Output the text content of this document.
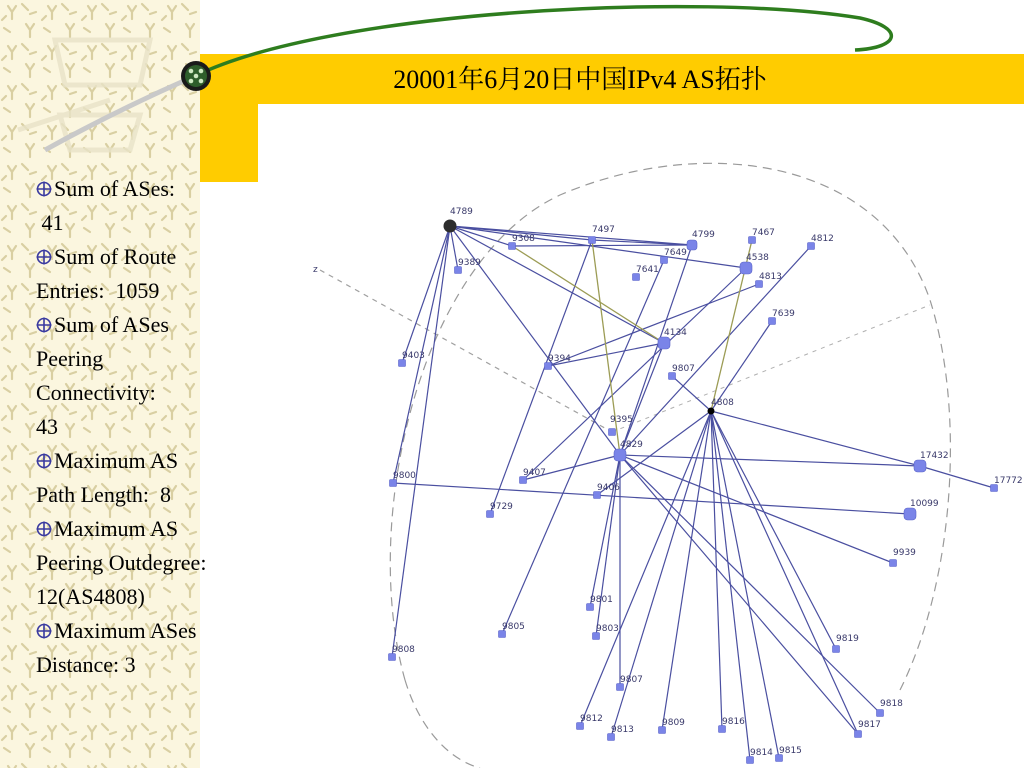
20001年6月20日中国IPv4 AS拓扑
Sum of ASes:
41
Sum of Route
Entries:  1059
Sum of ASes
Peering
Connectivity:
43
Maximum AS
Path Length:  8
Maximum AS
Peering Outdegree:
12(AS4808)
Maximum ASes
Distance: 3
z
4789
9308
7497	4799	7467
4812
9389
7649
7641
4538
4813
7639
4134
9394
9807
9403
4808
9395
4829
17432
17772
9800	9407
9406
9729	10099
9939
9801
9805	9803
9819
9808
9807
9818
9812
9813
9809	9816	9817
9814 9815
